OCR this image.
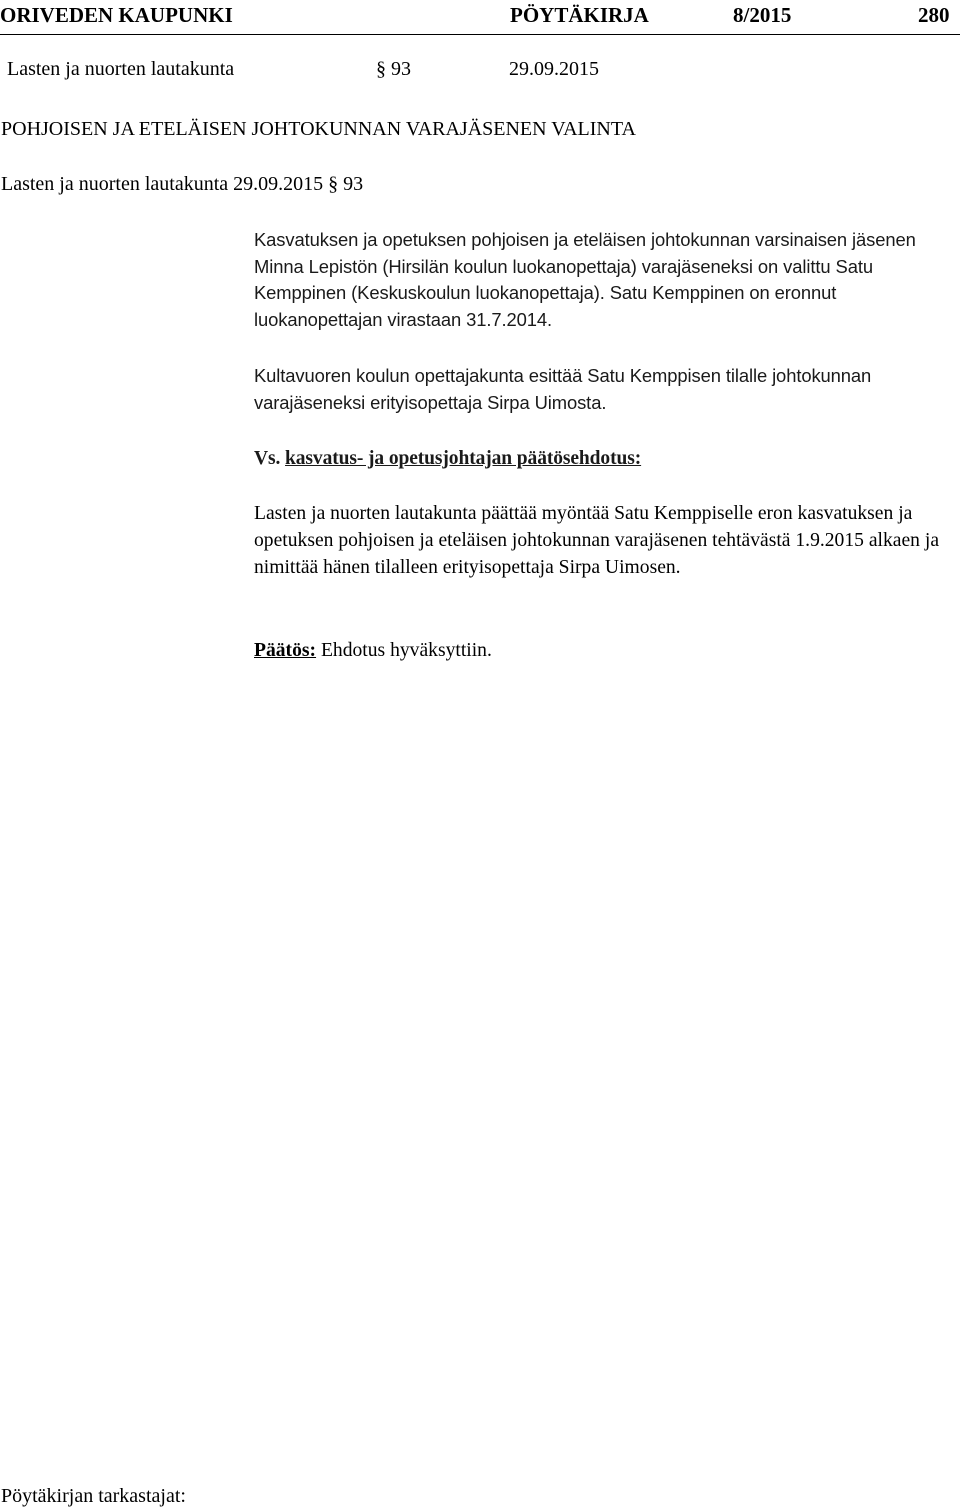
ORIVEDEN KAUPUNKI	PÖYTÄKIRJA	8/2015	280
Lasten ja nuorten lautakunta	§ 93	29.09.2015
POHJOISEN JA ETELÄISEN JOHTOKUNNAN VARAJÄSENEN VALINTA
Lasten ja nuorten lautakunta 29.09.2015 § 93
Kasvatuksen ja opetuksen pohjoisen ja eteläisen johtokunnan varsinaisen jäsenen Minna Lepistön (Hirsilän koulun luokanopettaja) varajäseneksi on valittu Satu Kemppinen (Keskuskoulun luokanopettaja). Satu Kemppinen on eronnut luokanopettajan virastaan 31.7.2014.
Kultavuoren koulun opettajakunta esittää Satu Kemppisen tilalle johtokunnan varajäseneksi erityisopettaja Sirpa Uimosta.
Vs. kasvatus- ja opetusjohtajan päätösehdotus:
Lasten ja nuorten lautakunta päättää myöntää Satu Kemppiselle eron kasvatuksen ja opetuksen pohjoisen ja eteläisen johtokunnan varajäsenen tehtävästä 1.9.2015 alkaen ja nimittää hänen tilalleen erityisopettaja Sirpa Uimosen.
Päätös: Ehdotus hyväksyttiin.
Pöytäkirjan tarkastajat:
